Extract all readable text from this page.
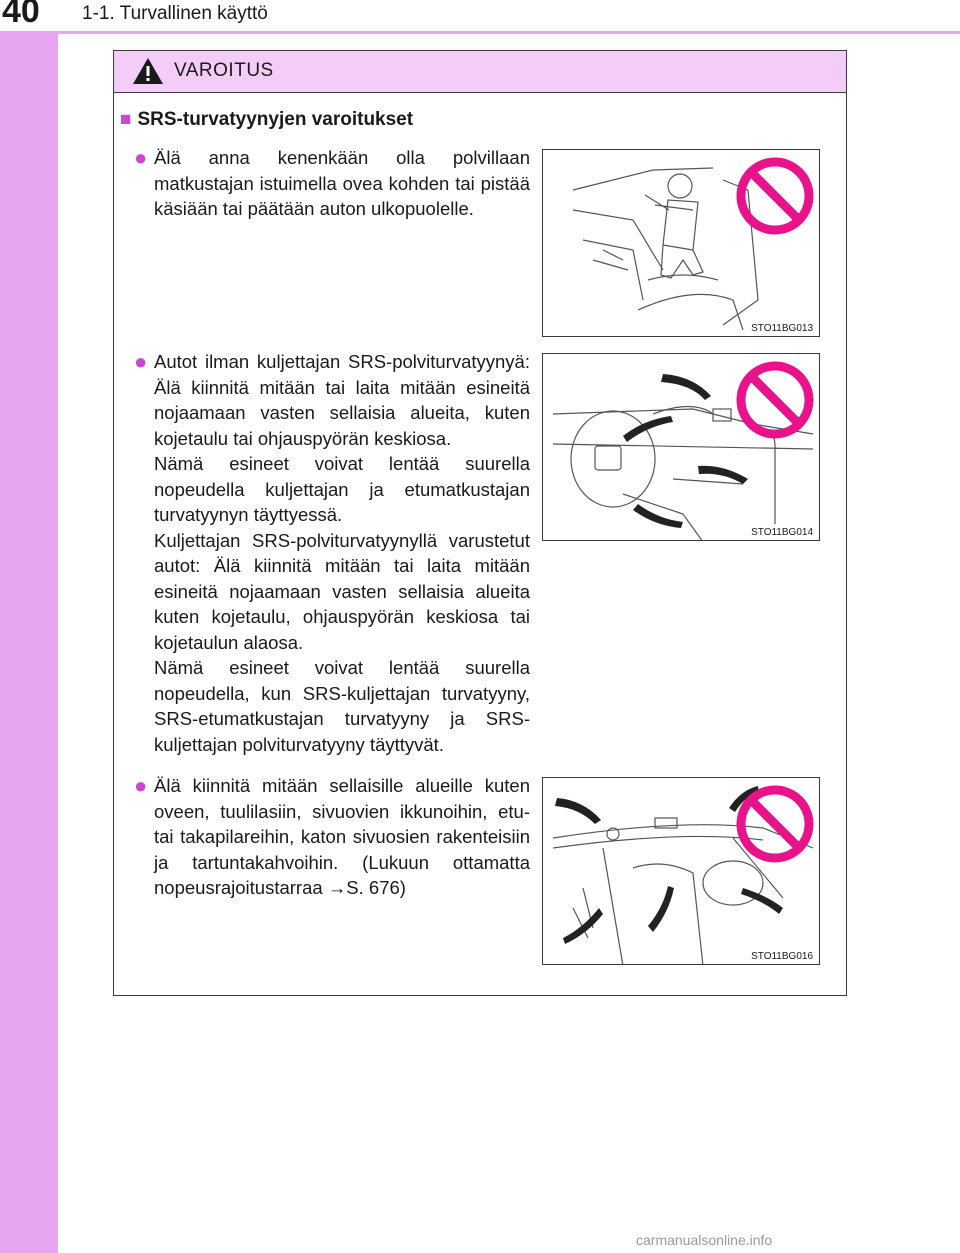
40 1-1. Turvallinen käyttö
VAROITUS
■ SRS-turvatyynyjen varoitukset
● Älä anna kenenkään olla polvillaan matkustajan istuimella ovea kohden tai pistää käsiään tai päätään auton ulkopuolelle.

STO11BG013
● Autot ilman kuljettajan SRS-polviturvatyynyä: Älä kiinnitä mitään tai laita mitään esineitä nojaamaan vasten sellaisia alueita, kuten kojetaulu tai ohjauspyörän keskiosa.

Nämä esineet voivat lentää suurella nopeudella kuljettajan ja etumatkustajan turvatyynyn täyttyessä.

Kuljettajan SRS-polviturvatyynyllä varustetut autot: Älä kiinnitä mitään tai laita mitään esineitä nojaamaan vasten sellaisia alueita kuten kojetaulu, ohjauspyörän keskiosa tai kojetaulun alaosa.

Nämä esineet voivat lentää suurella nopeudella, kun SRS-kuljettajan turvatyyny, SRS-etumatkustajan turvatyyny ja SRS-kuljettajan polviturvatyyny täyttyvät.

STO11BG014
● Älä kiinnitä mitään sellaisille alueille kuten oveen, tuulilasiin, sivuovien ikkunoihin, etu- tai takapilareihin, katon sivuosien rakenteisiin ja tartuntakahvoihin. (Lukuun ottamatta nopeusrajoitustarraa →S. 676)

STO11BG016
carmanualsonline.info
